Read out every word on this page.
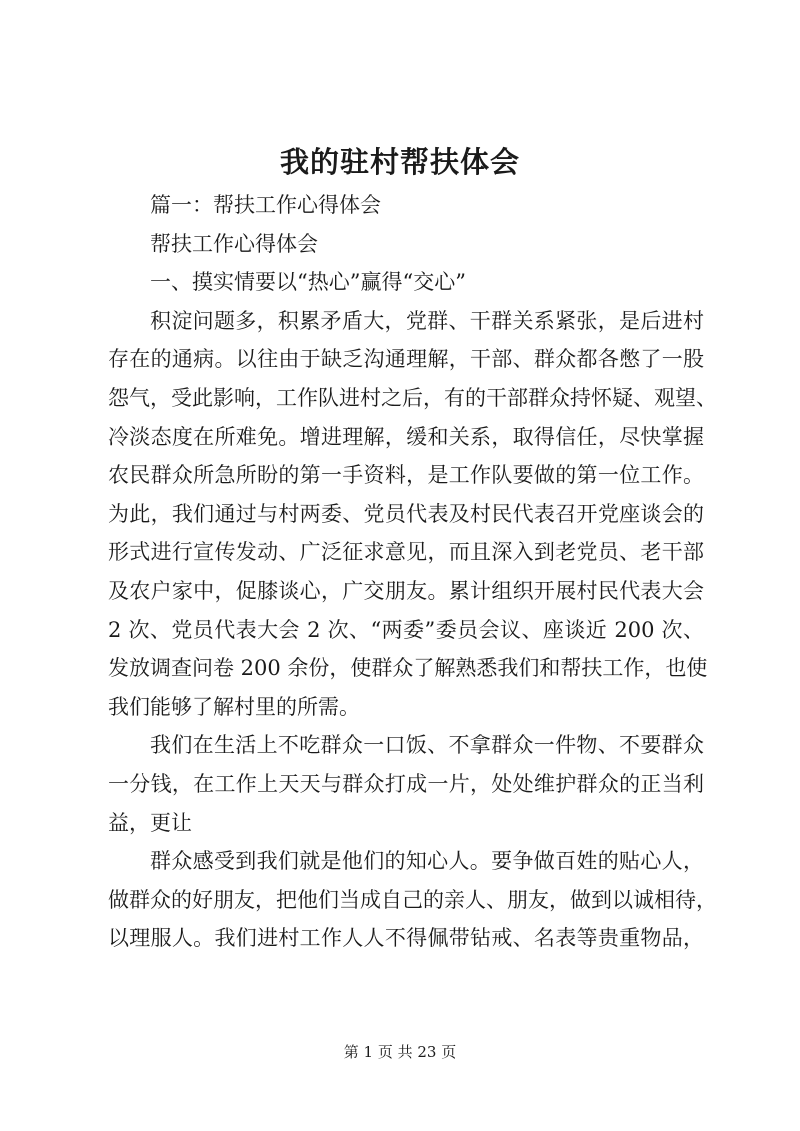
我的驻村帮扶体会
篇一：帮扶工作心得体会
帮扶工作心得体会
一、摸实情要以“热心”赢得“交心”
积淀问题多，积累矛盾大，党群、干群关系紧张，是后进村
存在的通病。以往由于缺乏沟通理解，干部、群众都各憋了一股
怨气，受此影响，工作队进村之后，有的干部群众持怀疑、观望、
冷淡态度在所难免。增进理解，缓和关系，取得信任，尽快掌握
农民群众所急所盼的第一手资料，是工作队要做的第一位工作。
为此，我们通过与村两委、党员代表及村民代表召开党座谈会的
形式进行宣传发动、广泛征求意见，而且深入到老党员、老干部
及农户家中，促膝谈心，广交朋友。累计组织开展村民代表大会
2 次、党员代表大会 2 次、“两委”委员会议、座谈近 200 次、
发放调查问卷 200 余份，使群众了解熟悉我们和帮扶工作，也使
我们能够了解村里的所需。
我们在生活上不吃群众一口饭、不拿群众一件物、不要群众
一分钱，在工作上天天与群众打成一片，处处维护群众的正当利
益，更让
群众感受到我们就是他们的知心人。要争做百姓的贴心人，
做群众的好朋友，把他们当成自己的亲人、朋友，做到以诚相待，
以理服人。我们进村工作人人不得佩带钻戒、名表等贵重物品，
第 1 页 共 23 页
